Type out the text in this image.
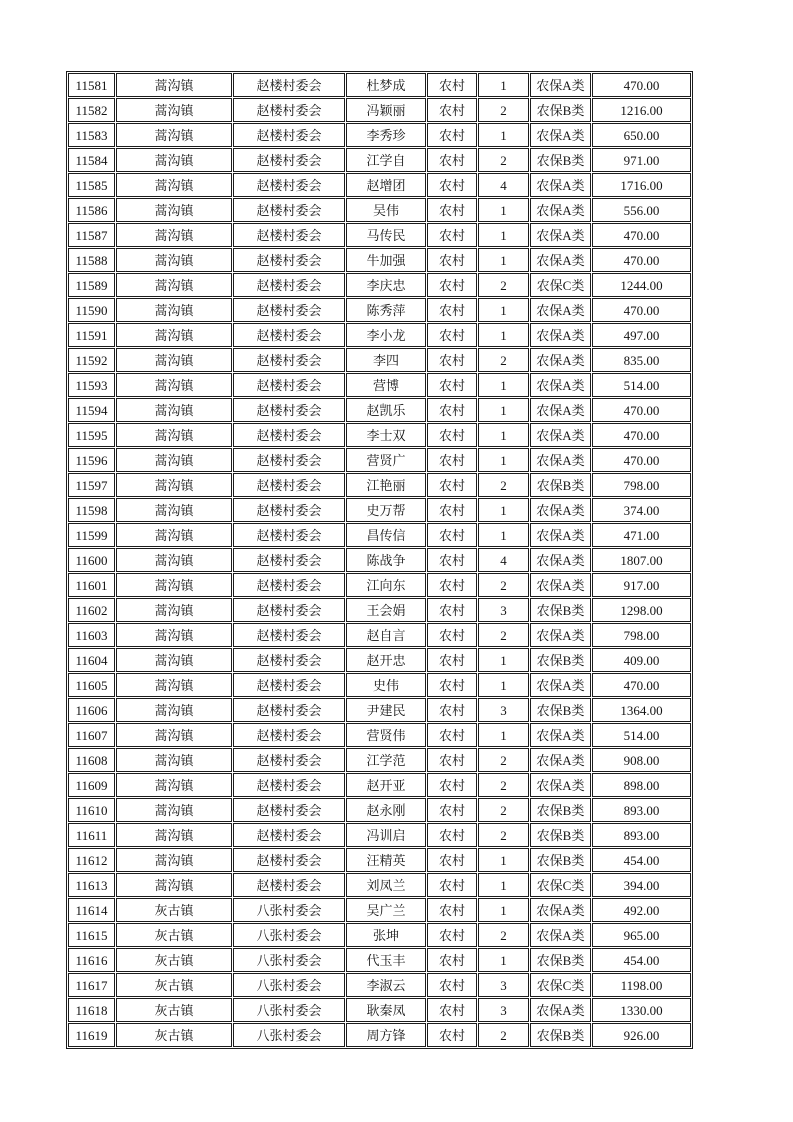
11581	蒿沟镇	赵楼村委会	杜梦成	农村	1	农保A类	470.00
11582	蒿沟镇	赵楼村委会	冯颖丽	农村	2	农保B类	1216.00
11583	蒿沟镇	赵楼村委会	李秀珍	农村	1	农保A类	650.00
11584	蒿沟镇	赵楼村委会	江学自	农村	2	农保B类	971.00
11585	蒿沟镇	赵楼村委会	赵增团	农村	4	农保A类	1716.00
11586	蒿沟镇	赵楼村委会	吴伟	农村	1	农保A类	556.00
11587	蒿沟镇	赵楼村委会	马传民	农村	1	农保A类	470.00
11588	蒿沟镇	赵楼村委会	牛加强	农村	1	农保A类	470.00
11589	蒿沟镇	赵楼村委会	李庆忠	农村	2	农保C类	1244.00
11590	蒿沟镇	赵楼村委会	陈秀萍	农村	1	农保A类	470.00
11591	蒿沟镇	赵楼村委会	李小龙	农村	1	农保A类	497.00
11592	蒿沟镇	赵楼村委会	李四	农村	2	农保A类	835.00
11593	蒿沟镇	赵楼村委会	营博	农村	1	农保A类	514.00
11594	蒿沟镇	赵楼村委会	赵凯乐	农村	1	农保A类	470.00
11595	蒿沟镇	赵楼村委会	李士双	农村	1	农保A类	470.00
11596	蒿沟镇	赵楼村委会	营贤广	农村	1	农保A类	470.00
11597	蒿沟镇	赵楼村委会	江艳丽	农村	2	农保B类	798.00
11598	蒿沟镇	赵楼村委会	史万帮	农村	1	农保A类	374.00
11599	蒿沟镇	赵楼村委会	昌传信	农村	1	农保A类	471.00
11600	蒿沟镇	赵楼村委会	陈战争	农村	4	农保A类	1807.00
11601	蒿沟镇	赵楼村委会	江向东	农村	2	农保A类	917.00
11602	蒿沟镇	赵楼村委会	王会娟	农村	3	农保B类	1298.00
11603	蒿沟镇	赵楼村委会	赵自言	农村	2	农保A类	798.00
11604	蒿沟镇	赵楼村委会	赵开忠	农村	1	农保B类	409.00
11605	蒿沟镇	赵楼村委会	史伟	农村	1	农保A类	470.00
11606	蒿沟镇	赵楼村委会	尹建民	农村	3	农保B类	1364.00
11607	蒿沟镇	赵楼村委会	营贤伟	农村	1	农保A类	514.00
11608	蒿沟镇	赵楼村委会	江学范	农村	2	农保A类	908.00
11609	蒿沟镇	赵楼村委会	赵开亚	农村	2	农保A类	898.00
11610	蒿沟镇	赵楼村委会	赵永刚	农村	2	农保B类	893.00
11611	蒿沟镇	赵楼村委会	冯训启	农村	2	农保B类	893.00
11612	蒿沟镇	赵楼村委会	汪精英	农村	1	农保B类	454.00
11613	蒿沟镇	赵楼村委会	刘凤兰	农村	1	农保C类	394.00
11614	灰古镇	八张村委会	吴广兰	农村	1	农保A类	492.00
11615	灰古镇	八张村委会	张坤	农村	2	农保A类	965.00
11616	灰古镇	八张村委会	代玉丰	农村	1	农保B类	454.00
11617	灰古镇	八张村委会	李淑云	农村	3	农保C类	1198.00
11618	灰古镇	八张村委会	耿秦凤	农村	3	农保A类	1330.00
11619	灰古镇	八张村委会	周方锋	农村	2	农保B类	926.00
